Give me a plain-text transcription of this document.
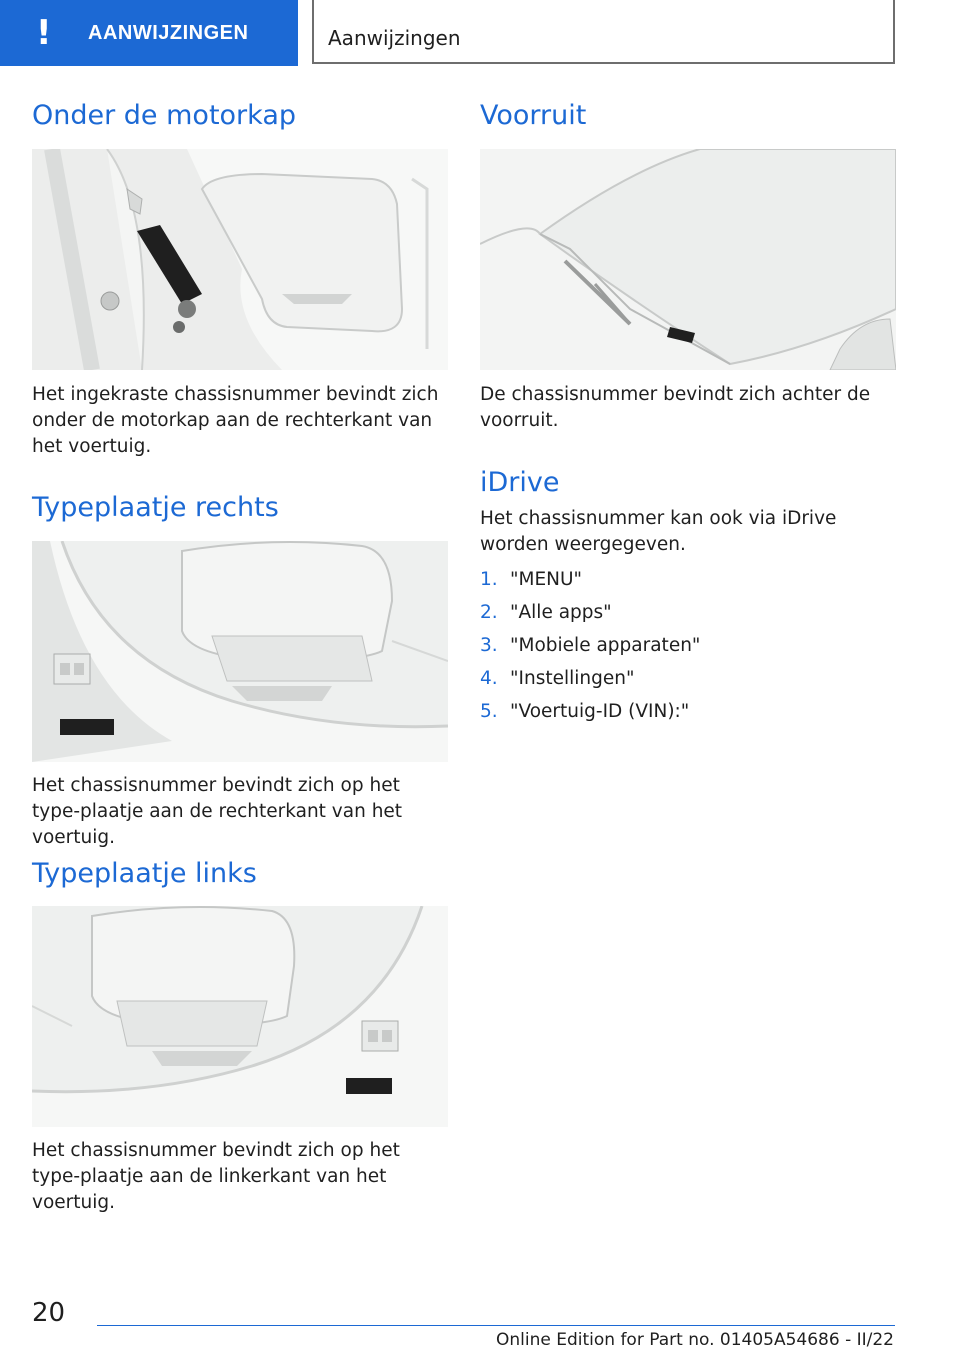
!	AANWIJZINGEN	Aanwijzingen
Onder de motorkap

Het ingekraste chassisnummer bevindt zich onder de motorkap aan de rechterkant van het voertuig.

Typeplaatje rechts

Het chassisnummer bevindt zich op het type-plaatje aan de rechterkant van het voertuig.

Typeplaatje links

Het chassisnummer bevindt zich op het type-plaatje aan de linkerkant van het voertuig.

Voorruit

De chassisnummer bevindt zich achter de voorruit.

iDrive

Het chassisnummer kan ook via iDrive worden weergegeven.

1. "MENU"
2. "Alle apps"
3. "Mobiele apparaten"
4. "Instellingen"
5. "Voertuig-ID (VIN):"
20
Online Edition for Part no. 01405A54686 - II/22
